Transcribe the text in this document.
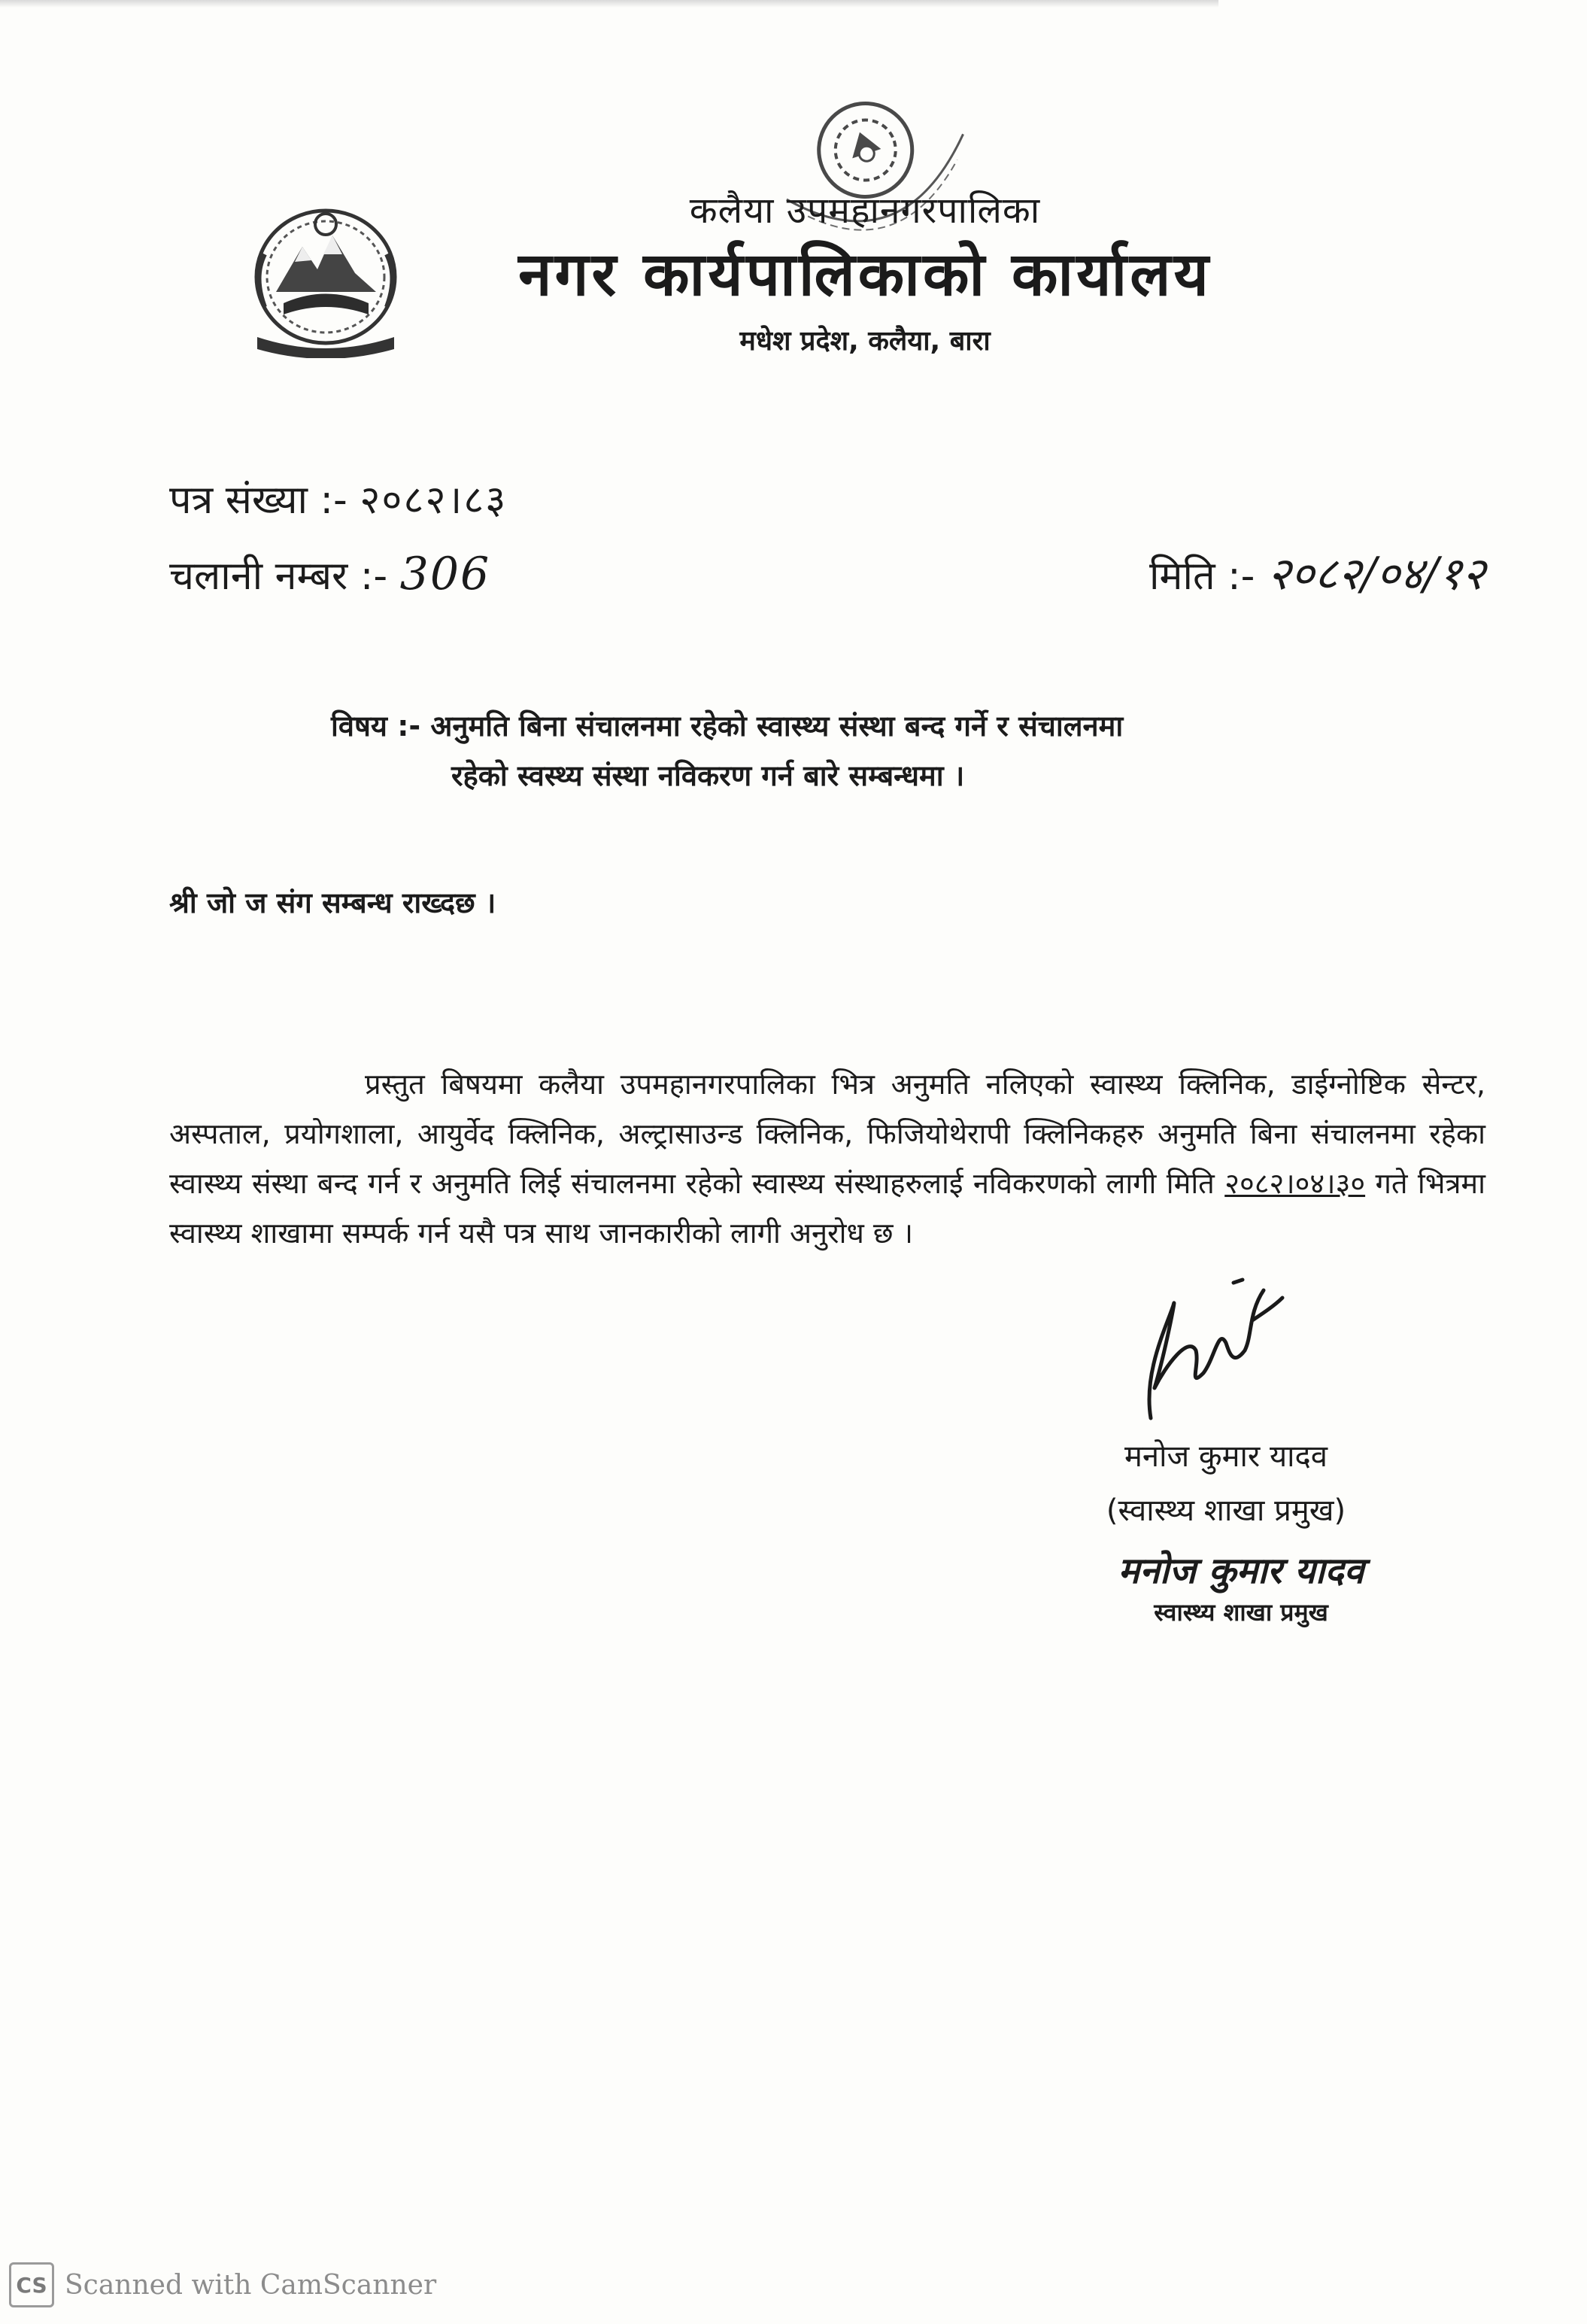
कलैया उपमहानगरपालिका
नगर कार्यपालिकाको कार्यालय
मधेश प्रदेश, कलैया, बारा
पत्र संख्या :- २०८२।८३
चलानी नम्बर :- 306	मिति :- २०८२/०४/१२
विषय :- अनुमति बिना संचालनमा रहेको स्वास्थ्य संस्था बन्द गर्ने र संचालनमा
रहेको स्वस्थ्य संस्था नविकरण गर्न बारे सम्बन्धमा ।
श्री जो ज संग सम्बन्ध राख्दछ ।

प्रस्तुत बिषयमा कलैया उपमहानगरपालिका भित्र अनुमति नलिएको स्वास्थ्य क्लिनिक, डाईग्नोष्टिक सेन्टर, अस्पताल, प्रयोगशाला, आयुर्वेद क्लिनिक, अल्ट्रासाउन्ड क्लिनिक, फिजियोथेरापी क्लिनिकहरु अनुमति बिना संचालनमा रहेका स्वास्थ्य संस्था बन्द गर्न र अनुमति लिई संचालनमा रहेको स्वास्थ्य संस्थाहरुलाई नविकरणको लागी मिति २०८२।०४।३० गते भित्रमा स्वास्थ्य शाखामा सम्पर्क गर्न यसै पत्र साथ जानकारीको लागी अनुरोध छ ।

मनोज कुमार यादव
(स्वास्थ्य शाखा प्रमुख)
मनोज कुमार यादव
स्वास्थ्य शाखा प्रमुख
CS Scanned with CamScanner
